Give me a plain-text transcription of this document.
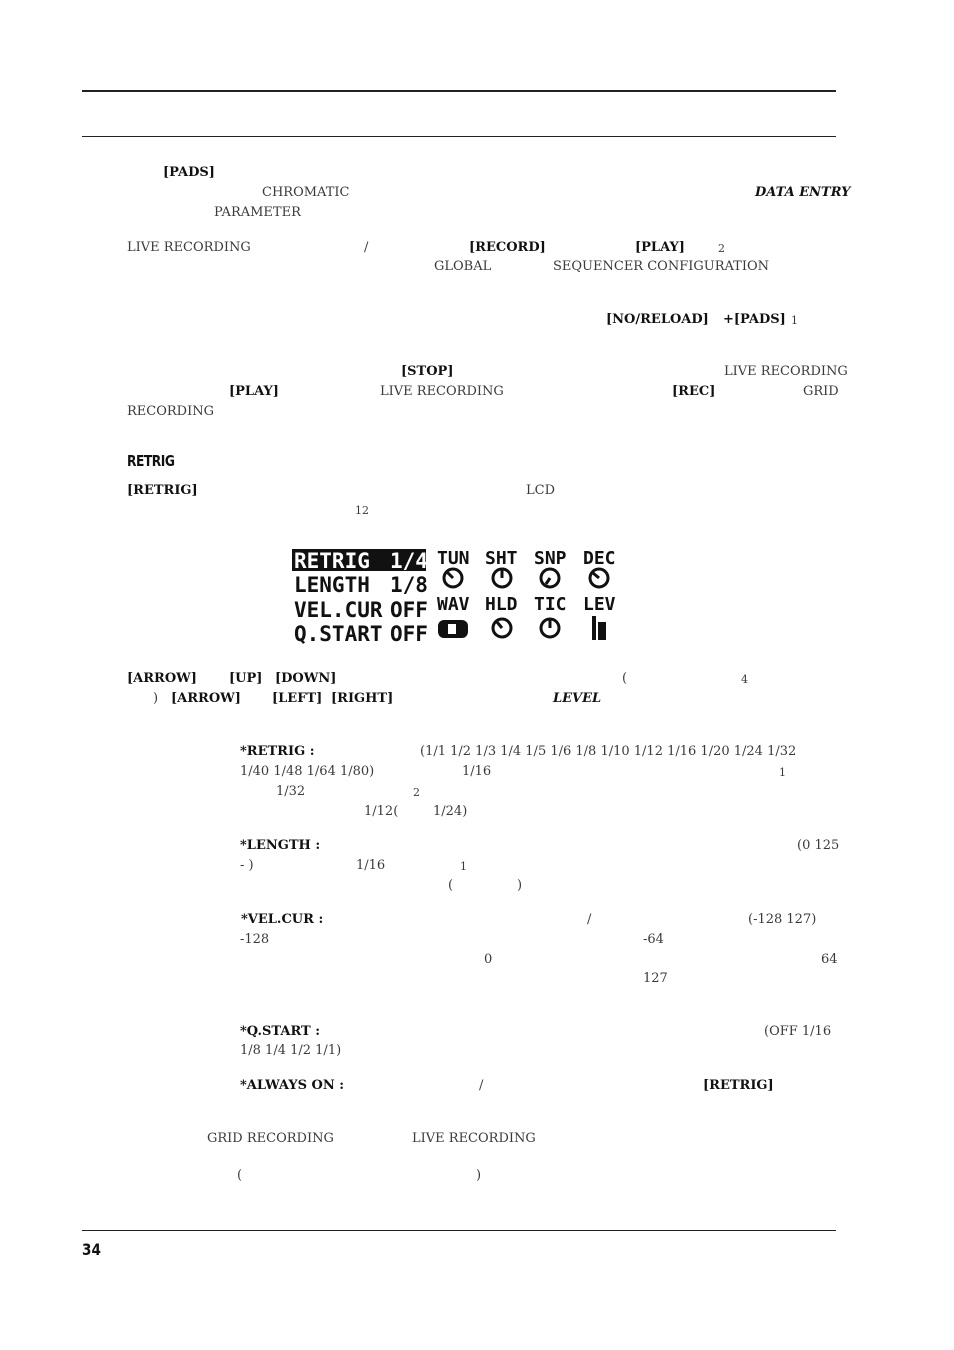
[PADS]
CHROMATIC	DATA ENTRY
PARAMETER
LIVE RECORDING	/	[RECORD]	[PLAY]	2
GLOBAL	SEQUENCER CONFIGURATION
[NO/RELOAD] +[PADS] 1
[STOP]	LIVE RECORDING
[PLAY]	LIVE RECORDING	[REC]	GRID
RECORDING
RETRIG
[RETRIG]	LCD
12
RETRIG 1/4
LENGTH 1/8
VEL.CUR OFF
Q.START OFF
TUN SHT SNP DEC
WAV HLD TIC LEV
[ARROW] [UP] [DOWN]	(	4
) [ARROW] [LEFT] [RIGHT]	LEVEL
*RETRIG :	(1/1 1/2 1/3 1/4 1/5 1/6 1/8 1/10 1/12 1/16 1/20 1/24 1/32
1/40 1/48 1/64 1/80)	1/16	1
1/32	2
1/12(	1/24)
*LENGTH :	(0 125
- )	1/16	1
(	)
*VEL.CUR :	/	(-128 127)
-128	-64
0	64
127
*Q.START :	(OFF 1/16
1/8 1/4 1/2 1/1)
*ALWAYS ON :	/	[RETRIG]
GRID RECORDING	LIVE RECORDING
(	)
34
